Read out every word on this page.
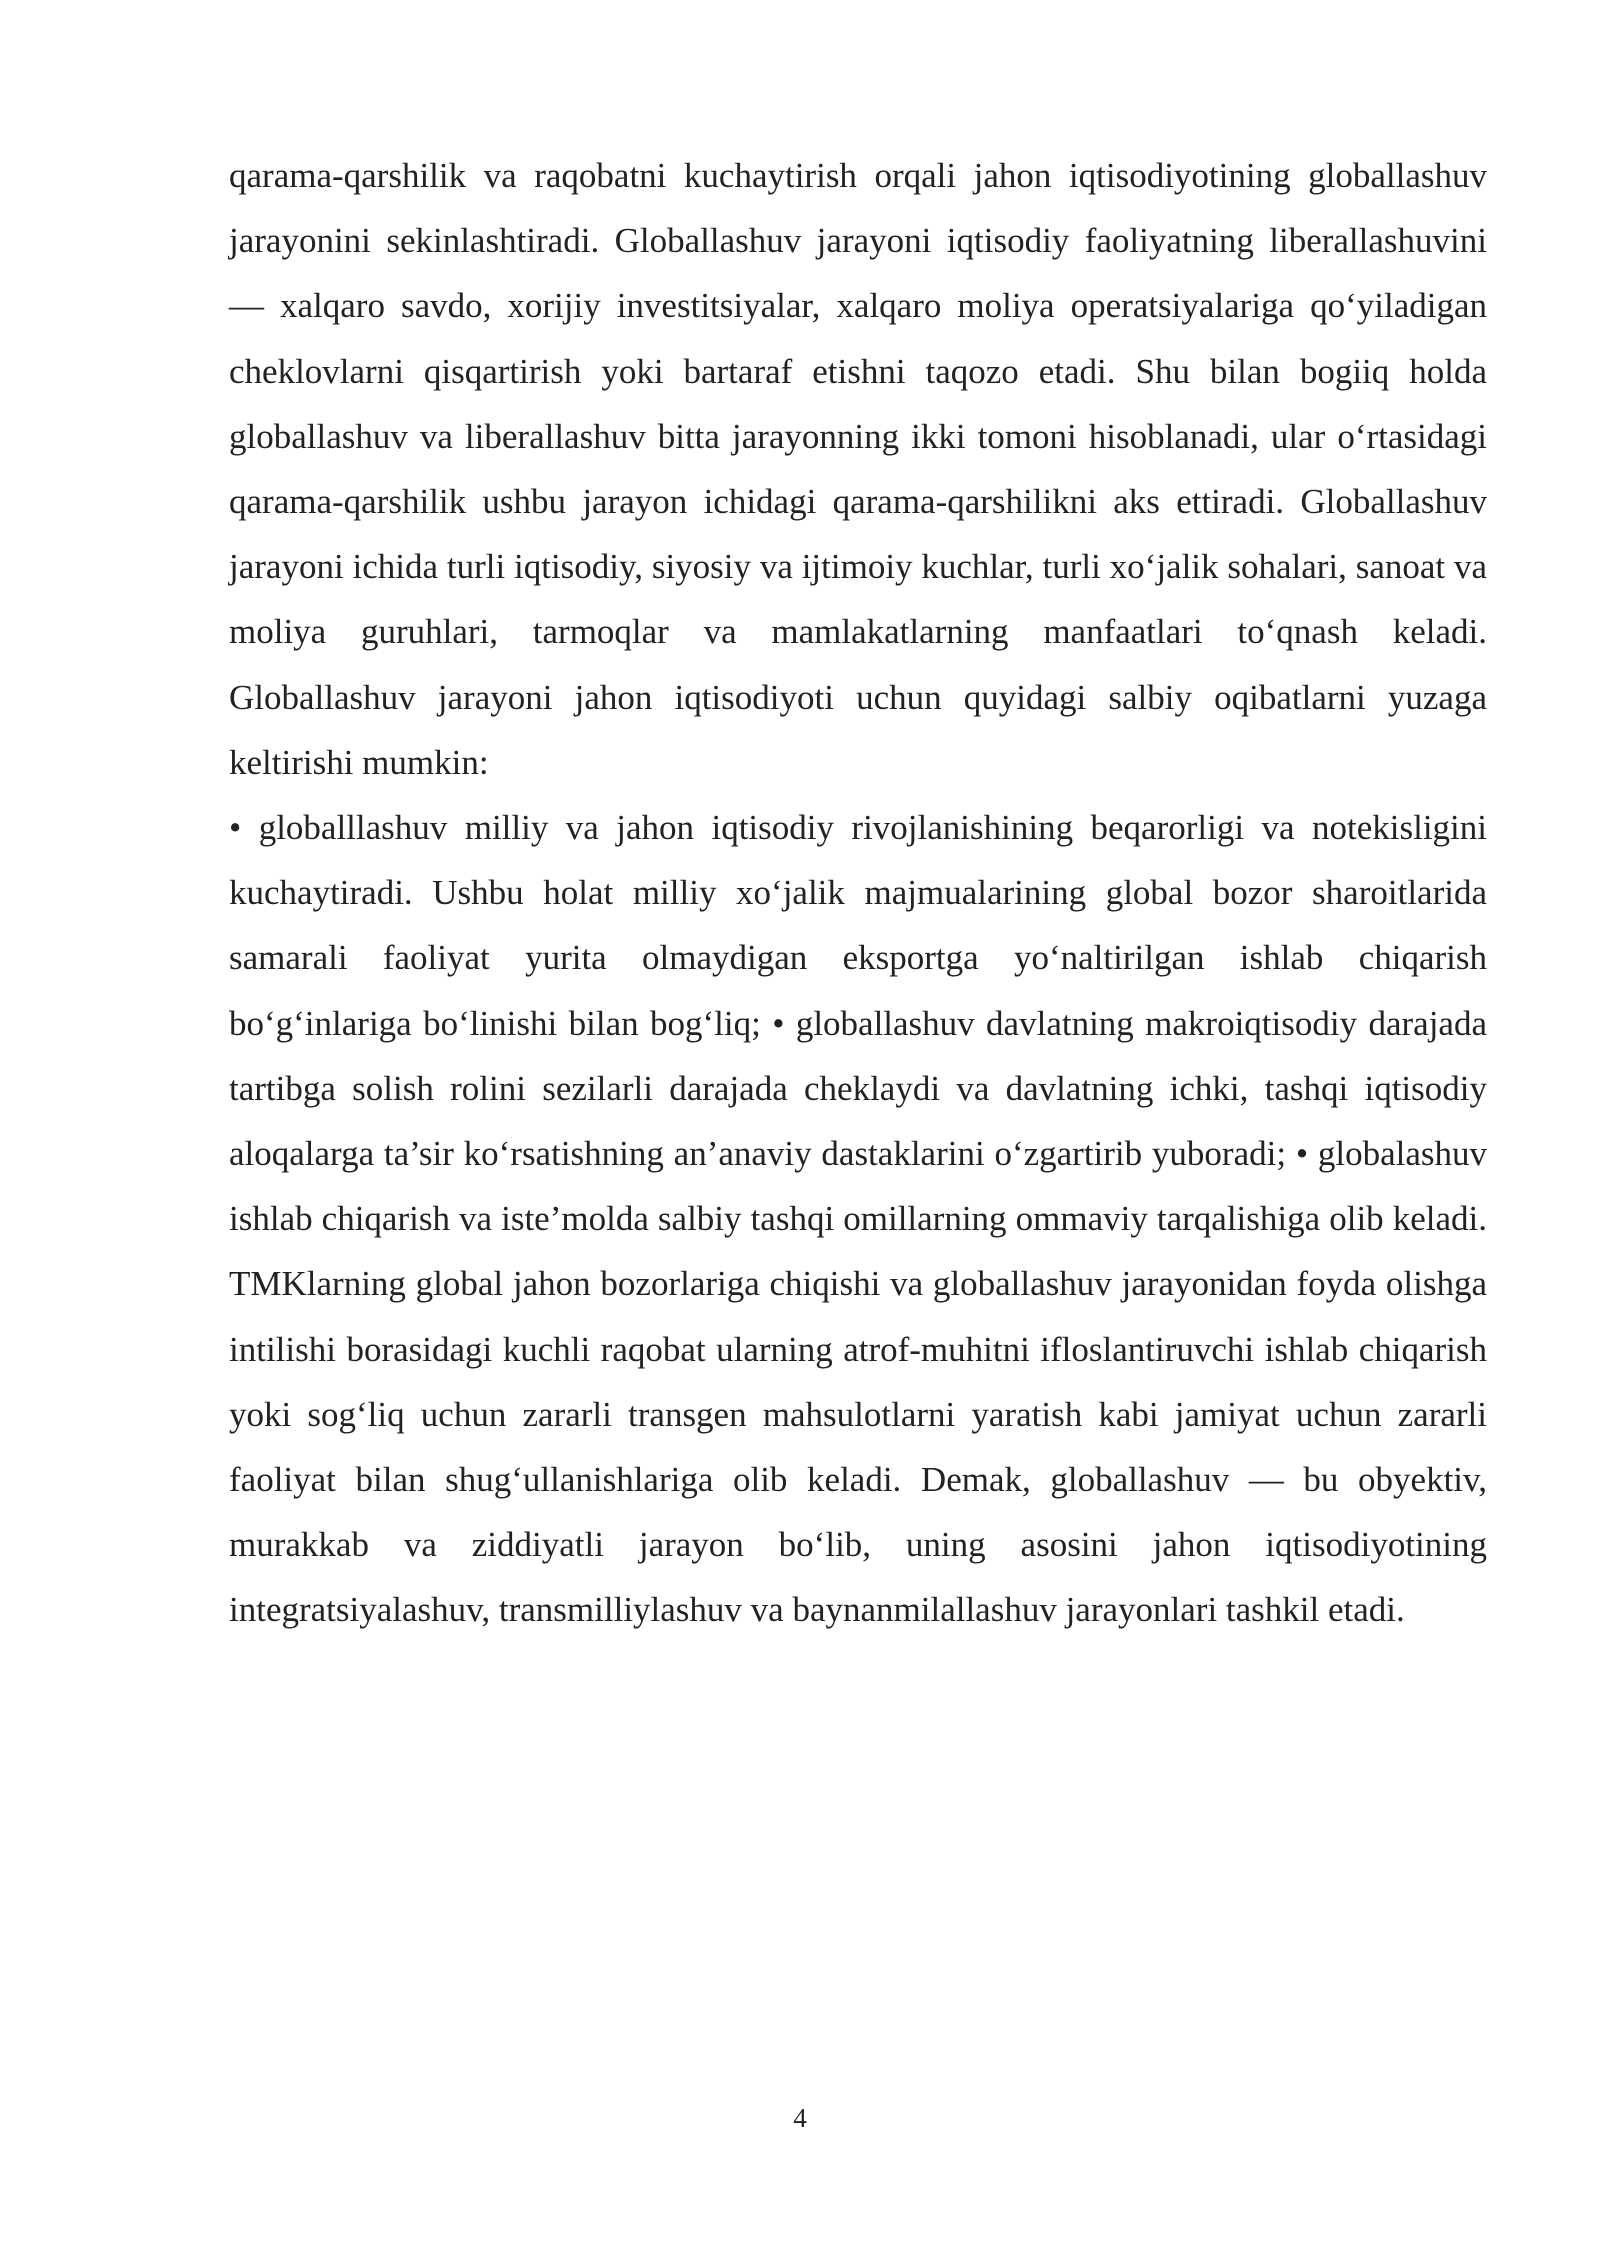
qarama-qarshilik va raqobatni kuchaytirish orqali jahon iqtisodiyotining globallashuv jarayonini sekinlashtiradi. Globallashuv jarayoni iqtisodiy faoliyatning liberallashuvini — xalqaro savdo, xorijiy investitsiyalar, xalqaro moliya operatsiyalariga qo‘yiladigan cheklovlarni qisqartirish yoki bartaraf etishni taqozo etadi. Shu bilan bogiiq holda globallashuv va liberallashuv bitta jarayonning ikki tomoni hisoblanadi, ular o‘rtasidagi qarama-qarshilik ushbu jarayon ichidagi qarama-qarshilikni aks ettiradi. Globallashuv jarayoni ichida turli iqtisodiy, siyosiy va ijtimoiy kuchlar, turli xo‘jalik sohalari, sanoat va moliya guruhlari, tarmoqlar va mamlakatlarning manfaatlari to‘qnash keladi. Globallashuv jarayoni jahon iqtisodiyoti uchun quyidagi salbiy oqibatlarni yuzaga keltirishi mumkin:

• globalllashuv milliy va jahon iqtisodiy rivojlanishining beqarorligi va notekisligini kuchaytiradi. Ushbu holat milliy xo‘jalik majmualarining global bozor sharoitlarida samarali faoliyat yurita olmaydigan eksportga yo‘naltirilgan ishlab chiqarish bo‘g‘inlariga bo‘linishi bilan bog‘liq; • globallashuv davlatning makroiqtisodiy darajada tartibga solish rolini sezilarli darajada cheklaydi va davlatning ichki, tashqi iqtisodiy aloqalarga ta’sir ko‘rsatishning an’anaviy dastaklarini o‘zgartirib yuboradi; • globalashuv ishlab chiqarish va iste’molda salbiy tashqi omillarning ommaviy tarqalishiga olib keladi. TMKlarning global jahon bozorlariga chiqishi va globallashuv jarayonidan foyda olishga intilishi borasidagi kuchli raqobat ularning atrof-muhitni ifloslantiruvchi ishlab chiqarish yoki sog‘liq uchun zararli transgen mahsulotlarni yaratish kabi jamiyat uchun zararli faoliyat bilan shug‘ullanishlariga olib keladi. Demak, globallashuv — bu obyektiv, murakkab va ziddiyatli jarayon bo‘lib, uning asosini jahon iqtisodiyotining integratsiyalashuv, transmilliylashuv va baynanmilallashuv jarayonlari tashkil etadi.

4
